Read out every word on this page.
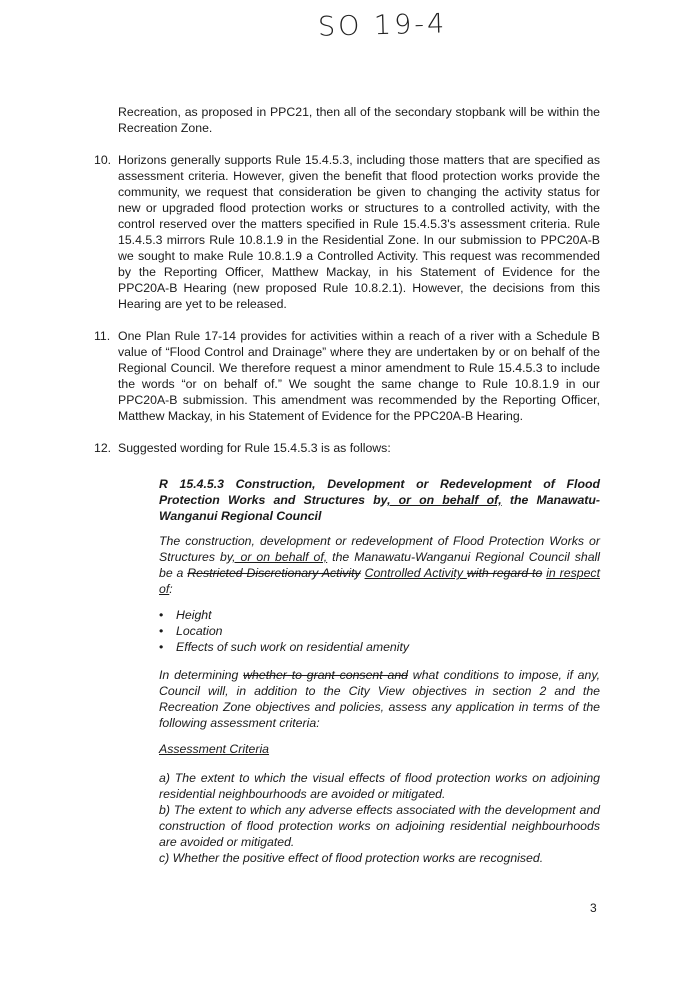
SO 19-4
Recreation, as proposed in PPC21, then all of the secondary stopbank will be within the Recreation Zone.
10. Horizons generally supports Rule 15.4.5.3, including those matters that are specified as assessment criteria. However, given the benefit that flood protection works provide the community, we request that consideration be given to changing the activity status for new or upgraded flood protection works or structures to a controlled activity, with the control reserved over the matters specified in Rule 15.4.5.3's assessment criteria. Rule 15.4.5.3 mirrors Rule 10.8.1.9 in the Residential Zone. In our submission to PPC20A-B we sought to make Rule 10.8.1.9 a Controlled Activity. This request was recommended by the Reporting Officer, Matthew Mackay, in his Statement of Evidence for the PPC20A-B Hearing (new proposed Rule 10.8.2.1). However, the decisions from this Hearing are yet to be released.
11. One Plan Rule 17-14 provides for activities within a reach of a river with a Schedule B value of “Flood Control and Drainage” where they are undertaken by or on behalf of the Regional Council. We therefore request a minor amendment to Rule 15.4.5.3 to include the words “or on behalf of.” We sought the same change to Rule 10.8.1.9 in our PPC20A-B submission. This amendment was recommended by the Reporting Officer, Matthew Mackay, in his Statement of Evidence for the PPC20A-B Hearing.
12. Suggested wording for Rule 15.4.5.3 is as follows:
R 15.4.5.3 Construction, Development or Redevelopment of Flood Protection Works and Structures by, or on behalf of, the Manawatu-Wanganui Regional Council
The construction, development or redevelopment of Flood Protection Works or Structures by, or on behalf of, the Manawatu-Wanganui Regional Council shall be a Restricted Discretionary Activity Controlled Activity with regard to in respect of:
• Height
• Location
• Effects of such work on residential amenity
In determining whether to grant consent and what conditions to impose, if any, Council will, in addition to the City View objectives in section 2 and the Recreation Zone objectives and policies, assess any application in terms of the following assessment criteria:
Assessment Criteria
a) The extent to which the visual effects of flood protection works on adjoining residential neighbourhoods are avoided or mitigated.
b) The extent to which any adverse effects associated with the development and construction of flood protection works on adjoining residential neighbourhoods are avoided or mitigated.
c) Whether the positive effect of flood protection works are recognised.
3
